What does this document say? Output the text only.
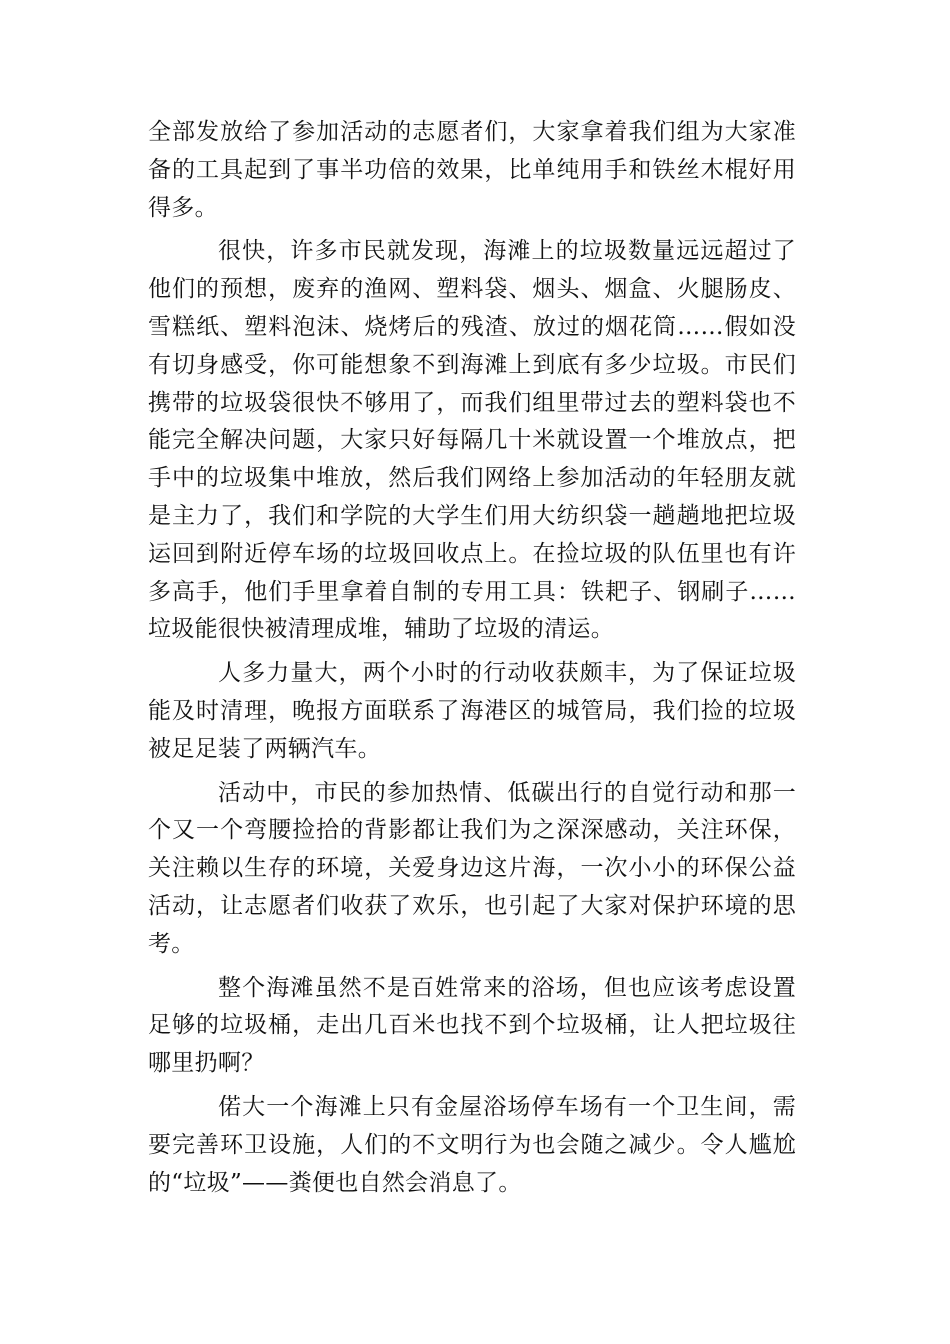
全部发放给了参加活动的志愿者们，大家拿着我们组为大家准备的工具起到了事半功倍的效果，比单纯用手和铁丝木棍好用得多。

很快，许多市民就发现，海滩上的垃圾数量远远超过了他们的预想，废弃的渔网、塑料袋、烟头、烟盒、火腿肠皮、雪糕纸、塑料泡沫、烧烤后的残渣、放过的烟花筒……假如没有切身感受，你可能想象不到海滩上到底有多少垃圾。市民们携带的垃圾袋很快不够用了，而我们组里带过去的塑料袋也不能完全解决问题，大家只好每隔几十米就设置一个堆放点，把手中的垃圾集中堆放，然后我们网络上参加活动的年轻朋友就是主力了，我们和学院的大学生们用大纺织袋一趟趟地把垃圾运回到附近停车场的垃圾回收点上。在捡垃圾的队伍里也有许多高手，他们手里拿着自制的专用工具：铁耙子、钢刷子……垃圾能很快被清理成堆，辅助了垃圾的清运。

人多力量大，两个小时的行动收获颇丰，为了保证垃圾能及时清理，晚报方面联系了海港区的城管局，我们捡的垃圾被足足装了两辆汽车。

活动中，市民的参加热情、低碳出行的自觉行动和那一个又一个弯腰捡拾的背影都让我们为之深深感动，关注环保，关注赖以生存的环境，关爱身边这片海，一次小小的环保公益活动，让志愿者们收获了欢乐，也引起了大家对保护环境的思考。

整个海滩虽然不是百姓常来的浴场，但也应该考虑设置足够的垃圾桶，走出几百米也找不到个垃圾桶，让人把垃圾往哪里扔啊？

偌大一个海滩上只有金屋浴场停车场有一个卫生间，需要完善环卫设施，人们的不文明行为也会随之减少。令人尴尬的“垃圾”——粪便也自然会消息了。
